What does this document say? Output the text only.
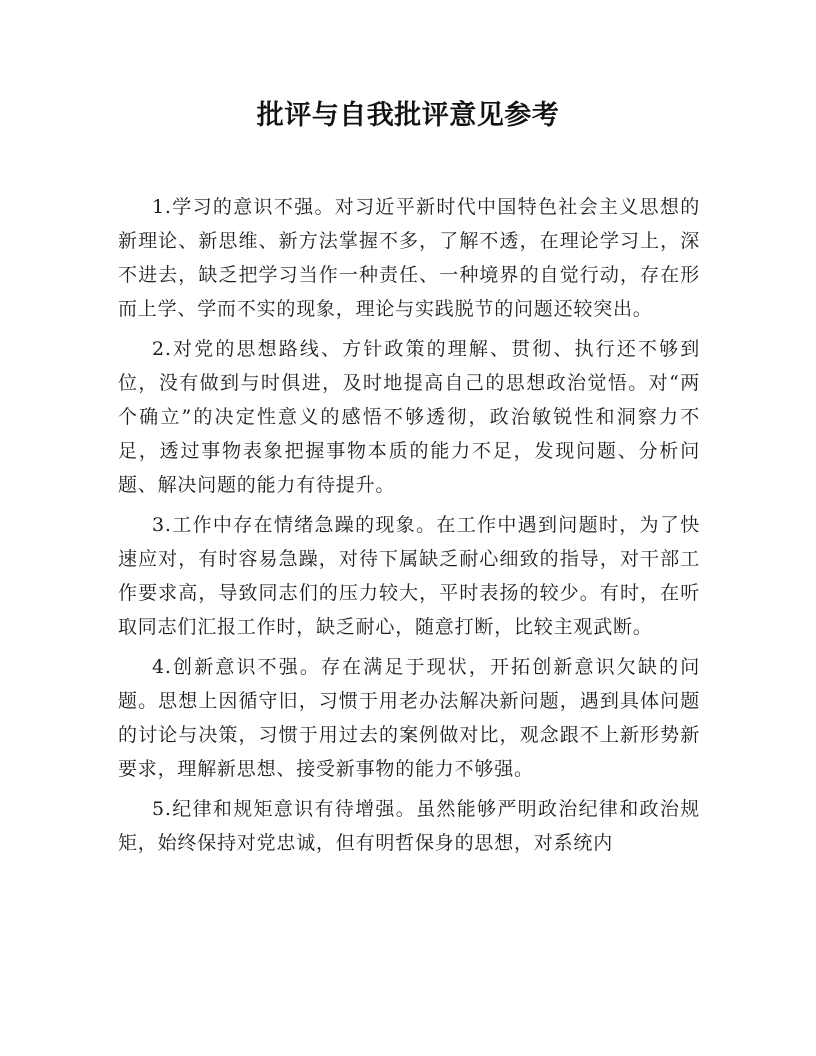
批评与自我批评意见参考

1.学习的意识不强。对习近平新时代中国特色社会主义思想的新理论、新思维、新方法掌握不多，了解不透，在理论学习上，深不进去，缺乏把学习当作一种责任、一种境界的自觉行动，存在形而上学、学而不实的现象，理论与实践脱节的问题还较突出。

2.对党的思想路线、方针政策的理解、贯彻、执行还不够到位，没有做到与时俱进，及时地提高自己的思想政治觉悟。对“两个确立”的决定性意义的感悟不够透彻，政治敏锐性和洞察力不足，透过事物表象把握事物本质的能力不足，发现问题、分析问题、解决问题的能力有待提升。

3.工作中存在情绪急躁的现象。在工作中遇到问题时，为了快速应对，有时容易急躁，对待下属缺乏耐心细致的指导，对干部工作要求高，导致同志们的压力较大，平时表扬的较少。有时，在听取同志们汇报工作时，缺乏耐心，随意打断，比较主观武断。

4.创新意识不强。存在满足于现状，开拓创新意识欠缺的问题。思想上因循守旧，习惯于用老办法解决新问题，遇到具体问题的讨论与决策，习惯于用过去的案例做对比，观念跟不上新形势新要求，理解新思想、接受新事物的能力不够强。

5.纪律和规矩意识有待增强。虽然能够严明政治纪律和政治规矩，始终保持对党忠诚，但有明哲保身的思想，对系统内
